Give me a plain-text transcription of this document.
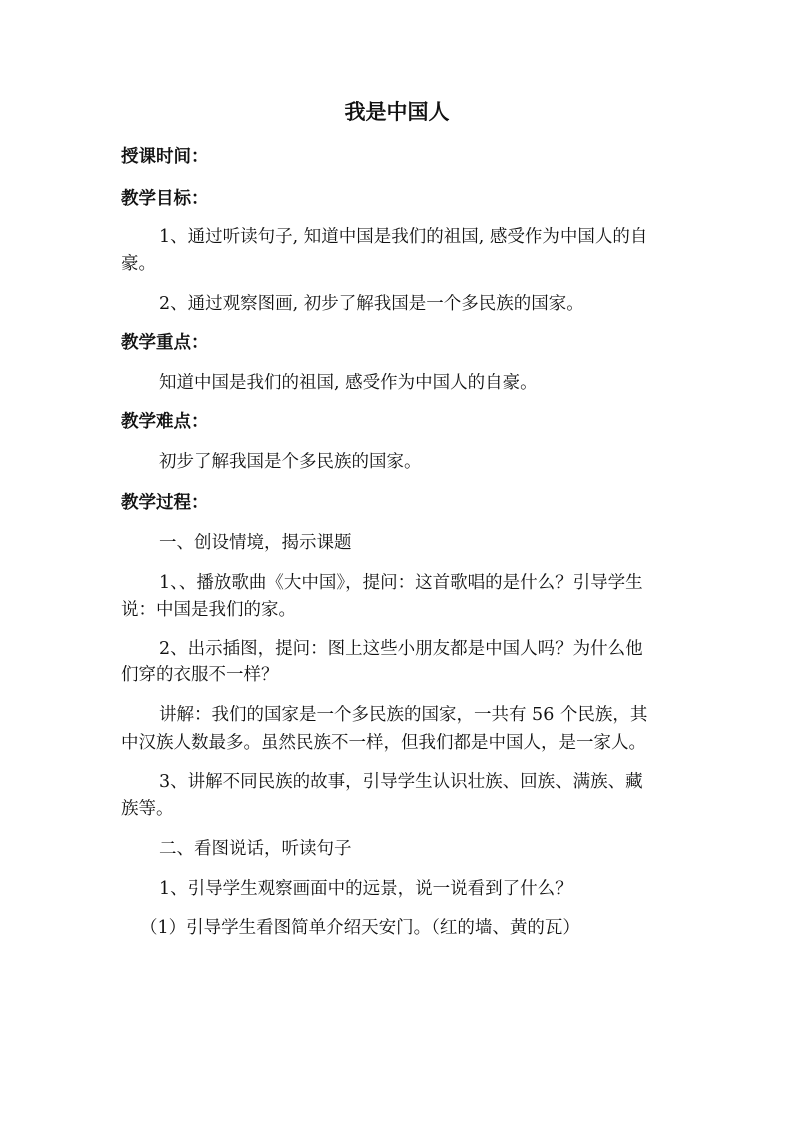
我是中国人
授课时间：
教学目标：
1、通过听读句子, 知道中国是我们的祖国, 感受作为中国人的自
豪。
2、通过观察图画, 初步了解我国是一个多民族的国家。
教学重点：
知道中国是我们的祖国, 感受作为中国人的自豪。
教学难点：
初步了解我国是个多民族的国家。
教学过程：
一、创设情境，揭示课题
1、、播放歌曲《大中国》，提问：这首歌唱的是什么？引导学生
说：中国是我们的家。
2、出示插图，提问：图上这些小朋友都是中国人吗？为什么他
们穿的衣服不一样？
讲解：我们的国家是一个多民族的国家，一共有 56 个民族，其
中汉族人数最多。虽然民族不一样，但我们都是中国人，是一家人。
3、讲解不同民族的故事，引导学生认识壮族、回族、满族、藏
族等。
二、看图说话，听读句子
1、引导学生观察画面中的远景，说一说看到了什么？
（1）引导学生看图简单介绍天安门。（红的墙、黄的瓦）
